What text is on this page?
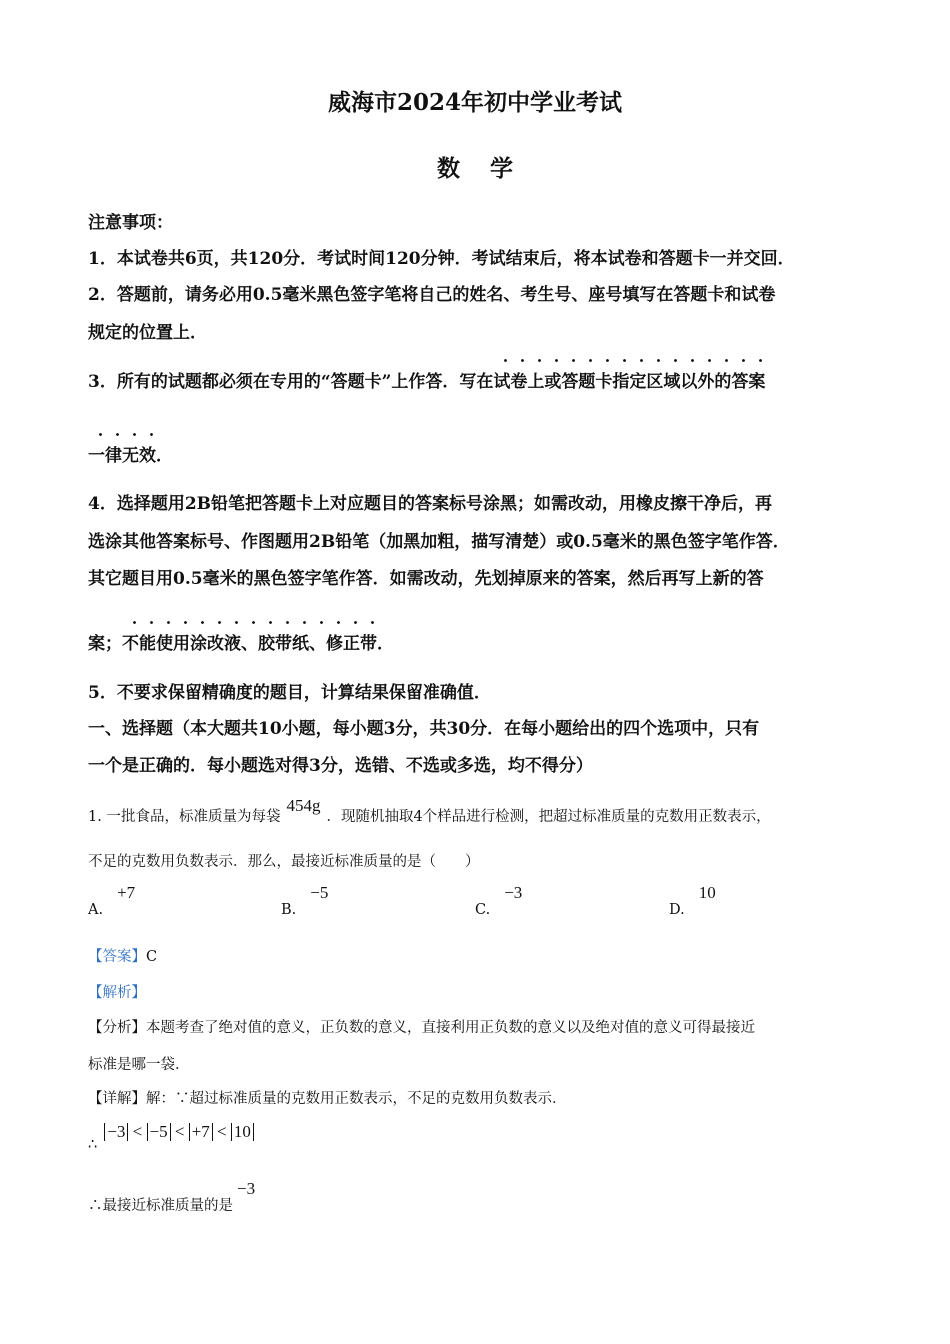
威海市2024年初中学业考试
数学
注意事项：
1．本试卷共6页，共120分．考试时间120分钟．考试结束后，将本试卷和答题卡一并交回．
2．答题前，请务必用0.5毫米黑色签字笔将自己的姓名、考生号、座号填写在答题卡和试卷
规定的位置上．
3．所有的试题都必须在专用的“答题卡”上作答．写在试卷上或答题卡指定区域以外的答案
一律无效．
4．选择题用2B铅笔把答题卡上对应题目的答案标号涂黑；如需改动，用橡皮擦干净后，再
选涂其他答案标号、作图题用2B铅笔（加黑加粗，描写清楚）或0.5毫米的黑色签字笔作答．
其它题目用0.5毫米的黑色签字笔作答．如需改动，先划掉原来的答案，然后再写上新的答
案；不能使用涂改液、胶带纸、修正带．
5．不要求保留精确度的题目，计算结果保留准确值．
一、选择题（本大题共10小题，每小题3分，共30分．在每小题给出的四个选项中，只有
一个是正确的．每小题选对得3分，选错、不选或多选，均不得分）
1. 一批食品，标准质量为每袋454g．现随机抽取4个样品进行检测，把超过标准质量的克数用正数表示，
不足的克数用负数表示．那么，最接近标准质量的是（　　）
A.+7
B.−5
C.−3
D.10
【答案】C
【解析】
【分析】本题考查了绝对值的意义，正负数的意义，直接利用正负数的意义以及绝对值的意义可得最接近
标准是哪一袋．
【详解】解：∵超过标准质量的克数用正数表示，不足的克数用负数表示．
∴ −3 < −5 < +7 < 10
∴最接近标准质量的是−3
